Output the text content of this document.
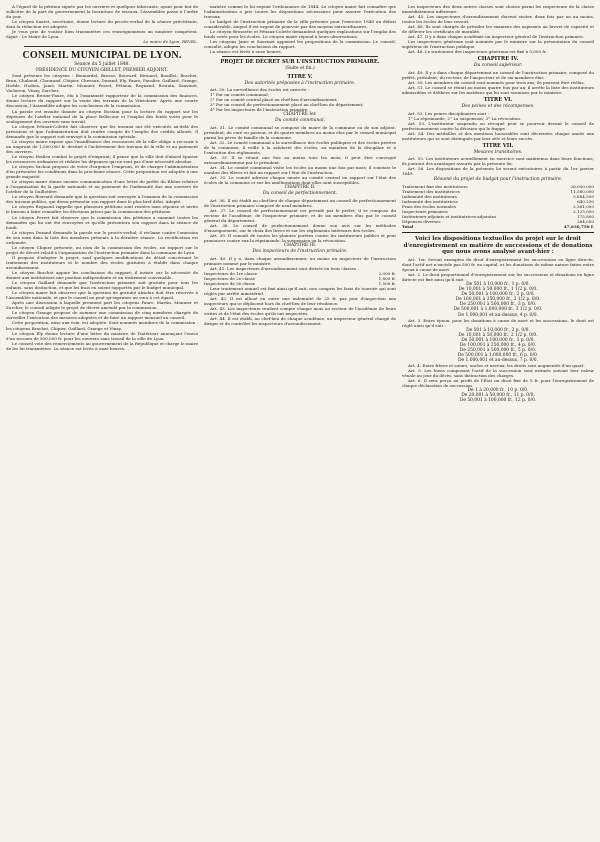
A l'égard de la pétition signée par les ouvriers et quelques fabricants, ayant pour but de solliciter de la part du gouvernement la fourniture de travaux, l'Assemblée passe à l'ordre du jour.

Le citoyen Sautet, secrétaire, donne lecture du procès-verbal de la séance précédente, dont la rédaction est adoptée.

Je vous prie de vouloir bien transmettre ces renseignements au ministre compétent. Signé : Le Maire de Lyon.

Le maire de Lyon, REVEL.

CONSEIL MUNICIPAL DE LYON.

Séance du 5 juillet 1848.

PRÉSIDENCE DU CITOYEN GRILLET, PREMIER ADJOINT.

Sont présents les citoyens : Bonnardel, Brosse, Bouvard, Bernard, Bouillet, Brachet, Brun, Chaboud, Chaurand, Chipier, Chevaux, Durand, Ely, Faure, Favalier, Gaillard, Grange, Hedde, Hodieu, Jame, Martin, Monnier, Perret, Pétiaux, Regnaud, Rostain, Sauvinet, Vacheron, Vinay, Zurcher.

Le citoyen Brosse-Faure, élu à l'unanimité rapporteur de la commission des finances, donne lecture du rapport sur la vente des terrains de la Vitriolerie. Après une courte discussion, l'Assemblée adopte les conclusions de la commission.

La parole est ensuite donnée au citoyen Rostain pour la lecture du rapport sur les dépenses de l'atelier national de la place Bellecour et l'emploi des fonds votés pour le soulagement des ouvriers sans travail.

Le citoyen Pétiaux-Colette fait observer que les travaux ont été exécutés au-delà des prévisions et que l'administration doit rendre compte de l'emploi des crédits alloués. Il demande que le rapport soit renvoyé à la commission spéciale.

Le citoyen maire expose que l'insuffisance des ressources de la ville oblige à recourir à un emprunt de 1,500,000 fr. destiné à l'achèvement des travaux de la ville et au paiement des ouvriers.

Le citoyen Hodieu combat le projet d'emprunt; il pense que la ville doit d'abord épuiser les ressources ordinaires et réduire les dépenses qui ne sont pas d'une nécessité absolue.

Le citoyen Vachon propose de voter d'urgence l'emprunt, et de charger l'administration d'en présenter les conditions dans la prochaine séance. Cette proposition est adoptée à une grande majorité.

Le citoyen maire donne ensuite communication d'une lettre du préfet du Rhône relative à l'organisation de la garde nationale et au paiement de l'indemnité due aux ouvriers de l'atelier de la Guillotière.

Le citoyen Bouvard demande que la question soit renvoyée à l'examen de la commission des travaux publics, qui devra présenter son rapport dans le plus bref délai. Adopté.

Le citoyen Regnaud rappelle que plusieurs pétitions sont restées sans réponse et invite le bureau à faire connaître les décisions prises par la commission des pétitions.

Le citoyen Perret fait observer que la commission des pétitions a examiné toutes les demandes qui lui ont été renvoyées et qu'elle présentera son rapport dans la séance de lundi.

Le citoyen Durand demande la parole sur le procès-verbal; il réclame contre l'omission de son nom dans la liste des membres présents à la dernière séance. La rectification est ordonnée.

Le citoyen Chipier présente, au nom de la commission des écoles, un rapport sur le projet de décret relatif à l'organisation de l'instruction primaire dans la commune de Lyon.

Il propose d'adopter le projet, sauf quelques modifications de détail concernant le traitement des instituteurs et le nombre des écoles gratuites à établir dans chaque arrondissement.

Le citoyen Brachet appuie les conclusions du rapport; il insiste sur la nécessité de donner aux instituteurs une position indépendante et un traitement convenable.

Le citoyen Gaillard demande que l'instruction primaire soit gratuite pour tous les enfants, sans distinction, et que les frais en soient supportés par le budget municipal.

Le citoyen maire fait observer que la question de gratuité absolue doit être réservée à l'Assemblée nationale, et que le conseil ne peut qu'exprimer un vœu à cet égard.

Après une discussion à laquelle prennent part les citoyens Faure, Martin, Monnier et Zurcher, le conseil adopte le projet de décret amendé par la commission.

Le citoyen Grange propose de nommer une commission de cinq membres chargée de surveiller l'exécution des mesures adoptées et de faire un rapport mensuel au conseil.

Cette proposition, mise aux voix, est adoptée. Sont nommés membres de la commission : les citoyens Brachet, Chipier, Gaillard, Grange et Vinay.

Le citoyen Ely donne lecture d'une lettre du ministre de l'intérieur annonçant l'envoi d'un secours de 500,000 fr. pour les ouvriers sans travail de la ville de Lyon.

Le conseil vote des remerciements au gouvernement de la République et charge le maire de les lui transmettre. La séance est levée à onze heures.

matière comme le lui enjoint l'ordonnance de 1844. Le citoyen maire fait connaître que l'administration a pris toutes les dispositions nécessaires pour assurer l'exécution des travaux.

Le budget de l'instruction primaire de la ville présente pour l'exercice 1848 un déficit considérable, auquel il est urgent de pourvoir par des moyens extraordinaires.

Le citoyen Brossette et Pétiaux-Colette demandent quelques explications sur l'emploi des fonds votés pour les écoles. Le citoyen maire répond à leurs observations.

Les citoyens Jame et Sauvinet appuient les propositions de la commission. Le conseil, consulté, adopte les conclusions du rapport.

La séance est levée à onze heures.

PROJET DE DÉCRET SUR L'INSTRUCTION PRIMAIRE.

(Suite et fin.)

TITRE V.

Des autorités préposées à l'instruction primaire.

Art. 30. La surveillance des écoles est exercée :

1° Par un comité communal;

2° Par un comité central placé au chef-lieu d'arrondissement;

3° Par un conseil de perfectionnement placé au chef-lieu du département;

4° Par les inspecteurs de l'instruction primaire.

CHAPITRE Ier.

Du comité communal.

Art. 31. Le comité communal se compose du maire de la commune ou de son adjoint, président; du curé ou pasteur, et de quatre membres au moins élus par le conseil municipal parmi les pères de famille de la commune.

Art. 32. Le comité communal a la surveillance des écoles publiques et des écoles privées de la commune; il veille à la salubrité des écoles, au maintien de la discipline et à l'exécution des règlements.

Art. 33. Il se réunit une fois au moins tous les mois; il peut être convoqué extraordinairement par le président.

Art. 34. Le comité communal visite les écoles au moins une fois par mois; il constate le nombre des élèves et fait un rapport sur l'état de l'instruction.

Art. 35. Le comité adresse chaque année au comité central un rapport sur l'état des écoles de la commune et sur les améliorations dont elles sont susceptibles.

CHAPITRE II.

Du conseil de perfectionnement.

Art. 36. Il est établi au chef-lieu de chaque département un conseil de perfectionnement de l'instruction primaire composé de neuf membres.

Art. 37. Le conseil de perfectionnement est présidé par le préfet; il se compose du recteur de l'académie, de l'inspecteur primaire, et de six membres élus par le conseil général du département.

Art. 38. Le conseil de perfectionnement donne son avis sur les méthodes d'enseignement, sur le choix des livres et sur les règlements intérieurs des écoles.

Art. 39. Il connaît de toutes les plaintes portées contre les instituteurs publics et peut prononcer contre eux la réprimande, la suspension ou la révocation.

CHAPITRE III.

Des inspecteurs de l'instruction primaire.

Art. 40. Il y a, dans chaque arrondissement, au moins un inspecteur de l'instruction primaire nommé par le ministre.

Art. 41. Les inspecteurs d'arrondissement sont divisés en trois classes :

Inspecteurs de 1re classe	2,000 fr.
Inspecteurs de 2e classe	1,800 fr.
Inspecteurs de 3e classe	1,500 fr.

Leur traitement annuel est fixé ainsi qu'il suit, non compris les frais de tournée qui sont réglés par arrêté ministériel.

Art. 42. Il est alloué en outre une indemnité de 25 fr. par jour d'inspection aux inspecteurs qui se déplacent hors du chef-lieu de leur résidence.

Art. 43. Les inspecteurs rendent compte chaque mois au recteur de l'académie de leurs visites et de l'état des écoles qu'ils ont inspectées.

Art. 44. Il est établi, au chef-lieu de chaque académie, un inspecteur général chargé de diriger et de contrôler les inspecteurs d'arrondissement.

Les inspecteurs des deux autres classes sont choisis parmi les inspecteurs de la classe immédiatement inférieure.

Art. 45. Les inspecteurs d'arrondissement doivent visiter, deux fois par an au moins, toutes les écoles de leur ressort.

Art. 46. Ils sont chargés de présider les examens des aspirants au brevet de capacité et de délivrer les certificats de moralité.

Art. 47. Il y a dans chaque académie un inspecteur général de l'instruction primaire.

Les inspecteurs généraux sont nommés par le ministre sur la présentation du conseil supérieur de l'instruction publique.

Art. 48. Le traitement des inspecteurs généraux est fixé à 5,000 fr.

CHAPITRE IV.

Du conseil supérieur.

Art. 49. Il y a dans chaque département un conseil de l'instruction primaire, composé du préfet, président; du recteur, de l'inspecteur et de six membres élus.

Art. 50. Les membres du conseil sont nommés pour trois ans; ils peuvent être réélus.

Art. 51. Le conseil se réunit au moins quatre fois par an; il arrête la liste des instituteurs admissibles et délibère sur les matières qui lui sont soumises par le ministre.

TITRE VI.

Des peines et des récompenses.

Art. 52. Les peines disciplinaires sont :

1° La réprimande; 2° La suspension; 3° La révocation.

Art. 53. L'instituteur suspendu ou révoqué peut se pourvoir devant le conseil de perfectionnement contre la décision qui le frappe.

Art. 54. Des médailles et des mentions honorables sont décernées chaque année aux instituteurs qui se sont distingués par leur zèle et leurs succès.

TITRE VII.

Mesures transitoires.

Art. 55. Les instituteurs actuellement en exercice sont maintenus dans leurs fonctions; ils jouiront des avantages assurés par la présente loi.

Art. 56. Les dispositions de la présente loi seront exécutoires à partir du 1er janvier 1849.

Résumé du projet de budget pour l'instruction primaire.

Traitement fixe des instituteurs	28,000,000
Traitement des institutrices	11,580,000
Indemnité des instituteurs	5,884,500
Indemnité des institutrices	640,250
Frais des écoles normales	2,361,000
Inspecteurs primaires	2,125,000
Instituteurs-adjoints et institutrices-adjointes	175,800
Dépenses diverses	264,000
Total	47,630,750 f.

Voici les dispositions textuelles du projet sur le droit d'enregistrement en matière de successions et de donations que nous avons analysé avant-hier :

Art. 1er. Seront exemptes du droit d'enregistrement les successions en ligne directe, dont l'actif net n'excède pas 500 fr. en capital, et les donations de même nature faites entre époux à cause de mort.

Art. 2. Le droit proportionnel d'enregistrement sur les successions et donations en ligne directe est fixé ainsi qu'il suit :

De 501 à 10,000 fr., 1 p. 0/0.

De 10,001 à 50,000 fr., 1 1/2 p. 0/0.

De 50,001 à 100,000 fr., 2 p. 0/0.

De 100,001 à 250,000 fr., 2 1/2 p. 0/0.

De 250,001 à 500,000 fr., 3 p. 0/0.

De 500,001 à 1,000,000 fr., 3 1/2 p. 0/0.

De 1,000,001 et au-dessus, 4 p. 0/0.

Art. 3. Entre époux, pour les donations à cause de mort et les successions, le droit est réglé ainsi qu'il suit :

De 501 à 10,000 fr., 2 p. 0/0.

De 10,001 à 50,000 fr., 2 1/2 p. 0/0.

De 50,001 à 100,000 fr., 3 p. 0/0.

De 100,001 à 250,000 fr., 4 p. 0/0.

De 250,001 à 500,000 fr., 5 p. 0/0.

De 500,001 à 1,000,000 fr., 6 p. 0/0.

De 1,000,001 et au-dessus, 7 p. 0/0.

Art. 4. Entre frères et sœurs, oncles et neveux, les droits sont augmentés d'un quart.

Art. 5. Les biens composant l'actif de la succession sont estimés suivant leur valeur vénale au jour du décès, sans distraction des charges.

Art. 6. Il sera perçu au profit de l'État un droit fixe de 5 fr. pour l'enregistrement de chaque déclaration de succession.

De 1 à 20,000 fr., 10 p. 0/0.

De 20,001 à 50,000 fr., 11 p. 0/0.

De 50,001 à 100,000 fr., 12 p. 0/0.
